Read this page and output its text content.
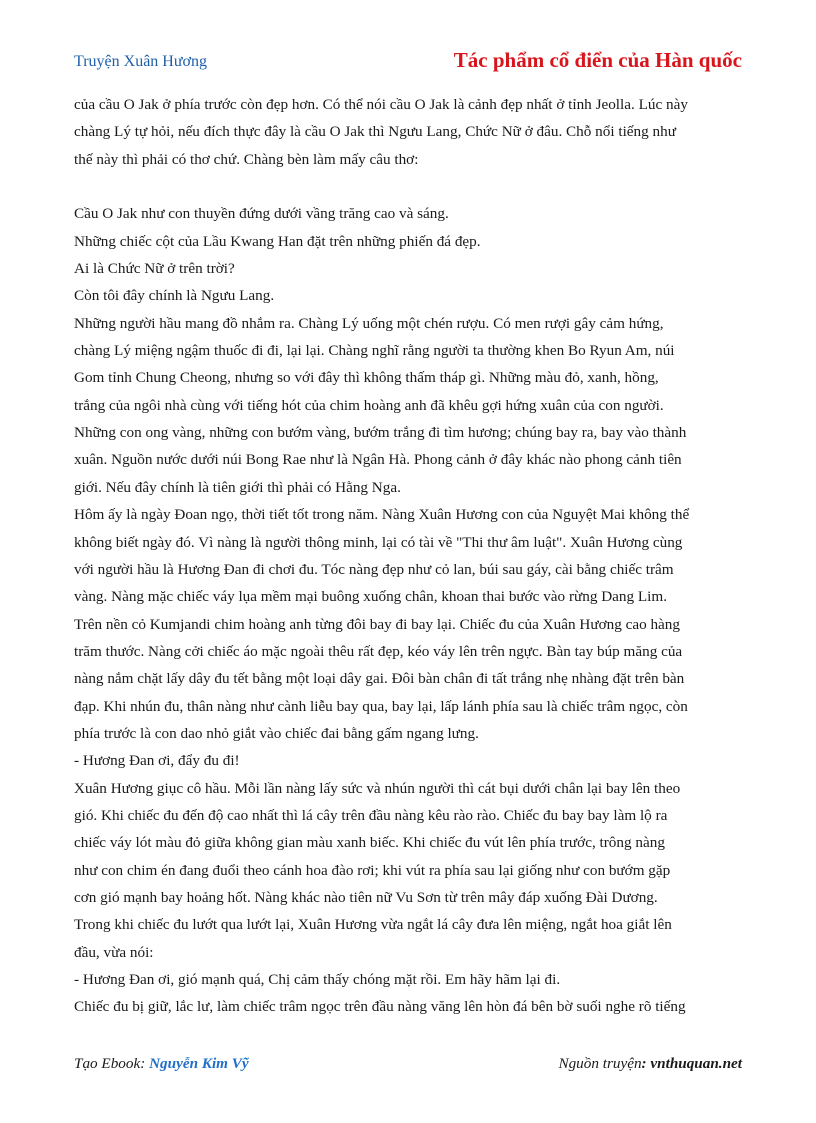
Truyện Xuân Hương	Tác phẩm cổ điển của Hàn quốc

của cầu O Jak ở phía trước còn đẹp hơn. Có thể nói cầu O Jak là cảnh đẹp nhất ở tỉnh Jeolla. Lúc này

chàng Lý tự hỏi, nếu đích thực đây là cầu O Jak thì Ngưu Lang, Chức Nữ ở đâu. Chỗ nổi tiếng như

thế này thì phải có thơ chứ. Chàng bèn làm mấy câu thơ:

Cầu O Jak như con thuyền đứng dưới vầng trăng cao và sáng.

Những chiếc cột của Lầu Kwang Han đặt trên những phiến đá đẹp.

Ai là Chức Nữ ở trên trời?

Còn tôi đây chính là Ngưu Lang.

Những người hầu mang đồ nhắm ra. Chàng Lý uống một chén rượu. Có men rượi gây cảm hứng,

chàng Lý miệng ngậm thuốc đi đi, lại lại. Chàng nghĩ rằng người ta thường khen Bo Ryun Am, núi

Gom tỉnh Chung Cheong, nhưng so với đây thì không thấm tháp gì. Những màu đỏ, xanh, hồng,

trắng của ngôi nhà cùng với tiếng hót của chim hoàng anh đã khêu gợi hứng xuân của con người.

Những con ong vàng, những con bướm vàng, bướm trắng đi tìm hương; chúng bay ra, bay vào thành

xuân. Nguồn nước dưới núi Bong Rae như là Ngân Hà. Phong cảnh ở đây khác nào phong cảnh tiên

giới. Nếu đây chính là tiên giới thì phải có Hằng Nga.

Hôm ấy là ngày Đoan ngọ, thời tiết tốt trong năm. Nàng Xuân Hương con của Nguyệt Mai không thể

không biết ngày đó. Vì nàng là người thông minh, lại có tài về "Thi thư âm luật". Xuân Hương cùng

với người hầu là Hương Đan đi chơi đu. Tóc nàng đẹp như cỏ lan, búi sau gáy, cài bằng chiếc trâm

vàng. Nàng mặc chiếc váy lụa mềm mại buông xuống chân, khoan thai bước vào rừng Dang Lim.

Trên nền cỏ Kumjandi chim hoàng anh từng đôi bay đi bay lại. Chiếc đu của Xuân Hương cao hàng

trăm thước. Nàng cởi chiếc áo mặc ngoài thêu rất đẹp, kéo váy lên trên ngực. Bàn tay búp măng của

nàng nắm chặt lấy dây đu tết bằng một loại dây gai. Đôi bàn chân đi tất trắng nhẹ nhàng đặt trên bàn

đạp. Khi nhún đu, thân nàng như cành liễu bay qua, bay lại, lấp lánh phía sau là chiếc trâm ngọc, còn

phía trước là con dao nhỏ giắt vào chiếc đai bằng gấm ngang lưng.

- Hương Đan ơi, đẩy đu đi!

Xuân Hương giục cô hầu. Mỗi lần nàng lấy sức và nhún người thì cát bụi dưới chân lại bay lên theo

gió. Khi chiếc đu đến độ cao nhất thì lá cây trên đầu nàng kêu rào rào. Chiếc đu bay bay làm lộ ra

chiếc váy lót màu đỏ giữa không gian màu xanh biếc. Khi chiếc đu vút lên phía trước, trông nàng

như con chim én đang đuổi theo cánh hoa đào rơi; khi vút ra phía sau lại giống như con bướm gặp

cơn gió mạnh bay hoảng hốt. Nàng khác nào tiên nữ Vu Sơn từ trên mây đáp xuống Đài Dương.

Trong khi chiếc đu lướt qua lướt lại, Xuân Hương vừa ngắt lá cây đưa lên miệng, ngắt hoa giắt lên

đầu, vừa nói:

- Hương Đan ơi, gió mạnh quá, Chị cảm thấy chóng mặt rồi. Em hãy hãm lại đi.

Chiếc đu bị giữ, lắc lư, làm chiếc trâm ngọc trên đầu nàng văng lên hòn đá bên bờ suối nghe rõ tiếng

Tạo Ebook: Nguyễn Kim Vỹ	Nguồn truyện: vnthuquan.net
